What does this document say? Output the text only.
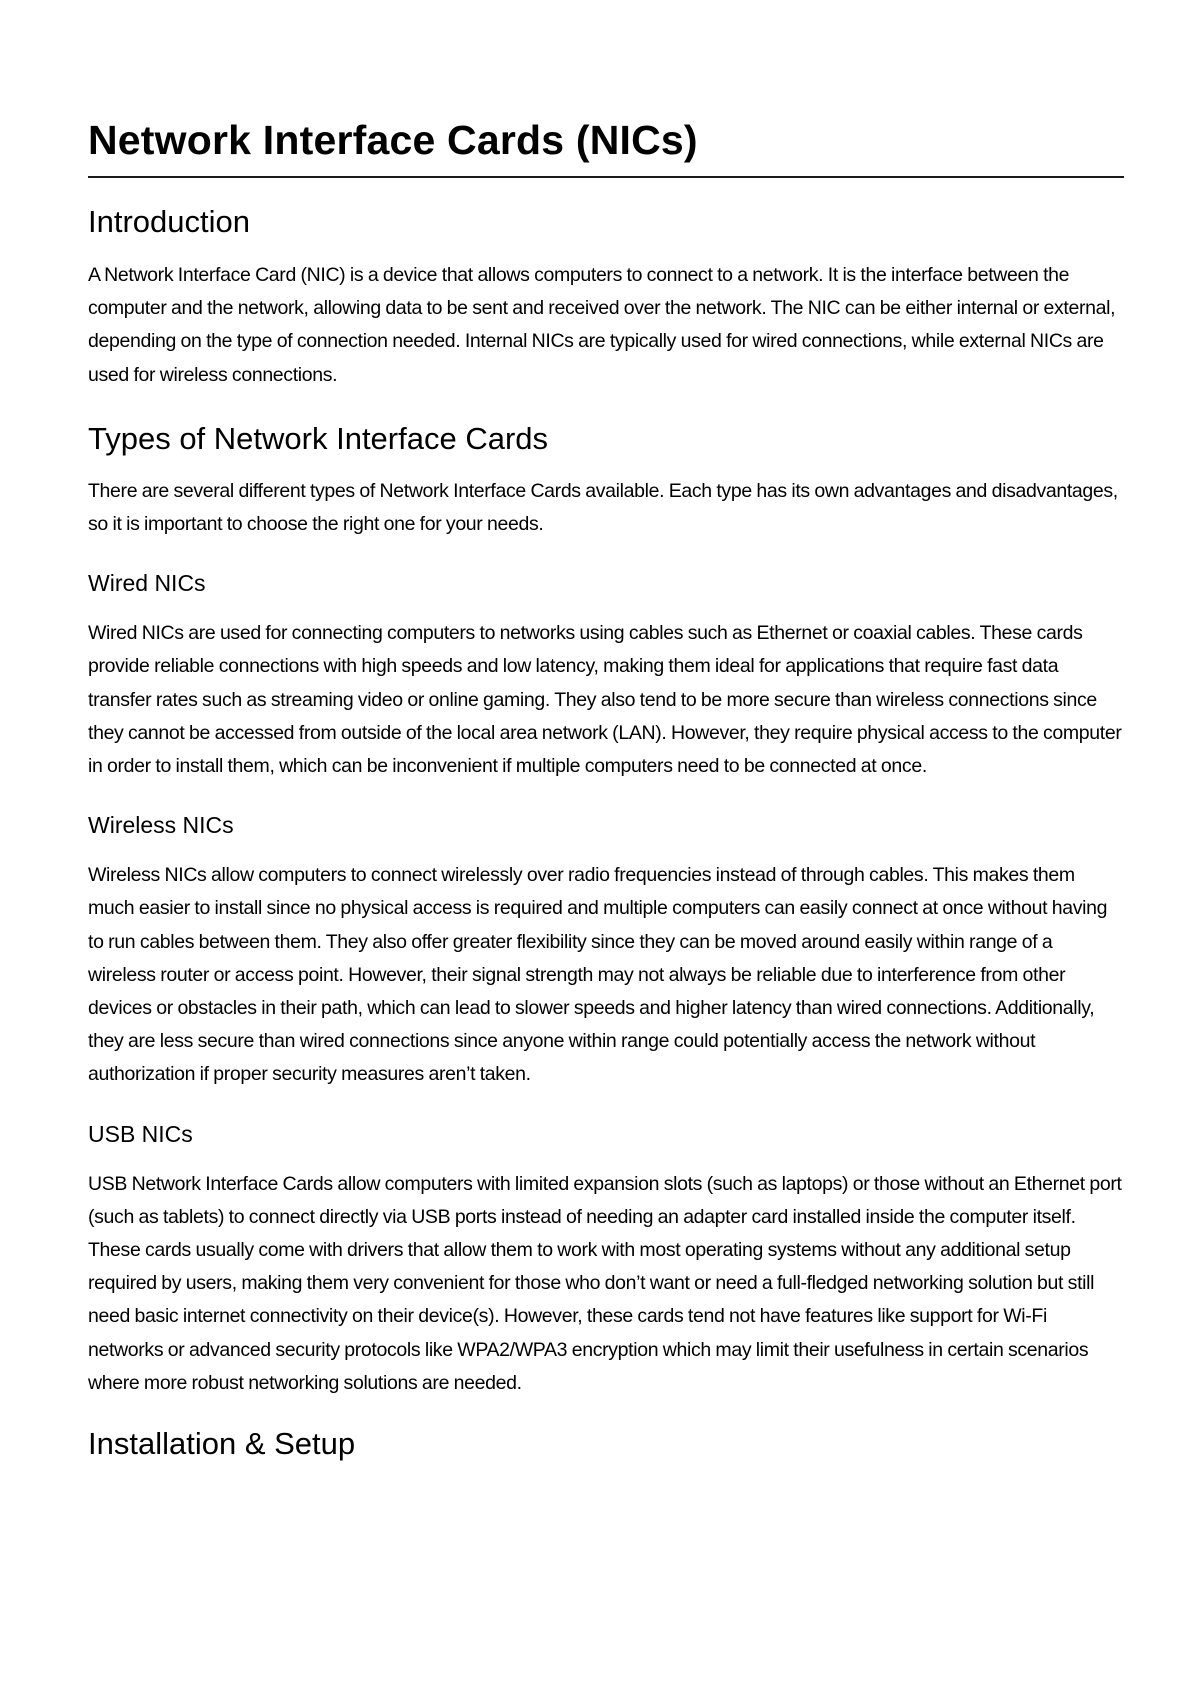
Network Interface Cards (NICs)
Introduction

A Network Interface Card (NIC) is a device that allows computers to connect to a network. It is the interface between the computer and the network, allowing data to be sent and received over the network. The NIC can be either internal or external, depending on the type of connection needed. Internal NICs are typically used for wired connections, while external NICs are used for wireless connections.

Types of Network Interface Cards

There are several different types of Network Interface Cards available. Each type has its own advantages and disadvantages, so it is important to choose the right one for your needs.

Wired NICs

Wired NICs are used for connecting computers to networks using cables such as Ethernet or coaxial cables. These cards provide reliable connections with high speeds and low latency, making them ideal for applications that require fast data transfer rates such as streaming video or online gaming. They also tend to be more secure than wireless connections since they cannot be accessed from outside of the local area network (LAN). However, they require physical access to the computer in order to install them, which can be inconvenient if multiple computers need to be connected at once.

Wireless NICs

Wireless NICs allow computers to connect wirelessly over radio frequencies instead of through cables. This makes them much easier to install since no physical access is required and multiple computers can easily connect at once without having to run cables between them. They also offer greater flexibility since they can be moved around easily within range of a wireless router or access point. However, their signal strength may not always be reliable due to interference from other devices or obstacles in their path, which can lead to slower speeds and higher latency than wired connections. Additionally, they are less secure than wired connections since anyone within range could potentially access the network without authorization if proper security measures aren’t taken.

USB NICs

USB Network Interface Cards allow computers with limited expansion slots (such as laptops) or those without an Ethernet port (such as tablets) to connect directly via USB ports instead of needing an adapter card installed inside the computer itself. These cards usually come with drivers that allow them to work with most operating systems without any additional setup required by users, making them very convenient for those who don’t want or need a full-fledged networking solution but still need basic internet connectivity on their device(s). However, these cards tend not have features like support for Wi-Fi networks or advanced security protocols like WPA2/WPA3 encryption which may limit their usefulness in certain scenarios where more robust networking solutions are needed.

Installation & Setup
